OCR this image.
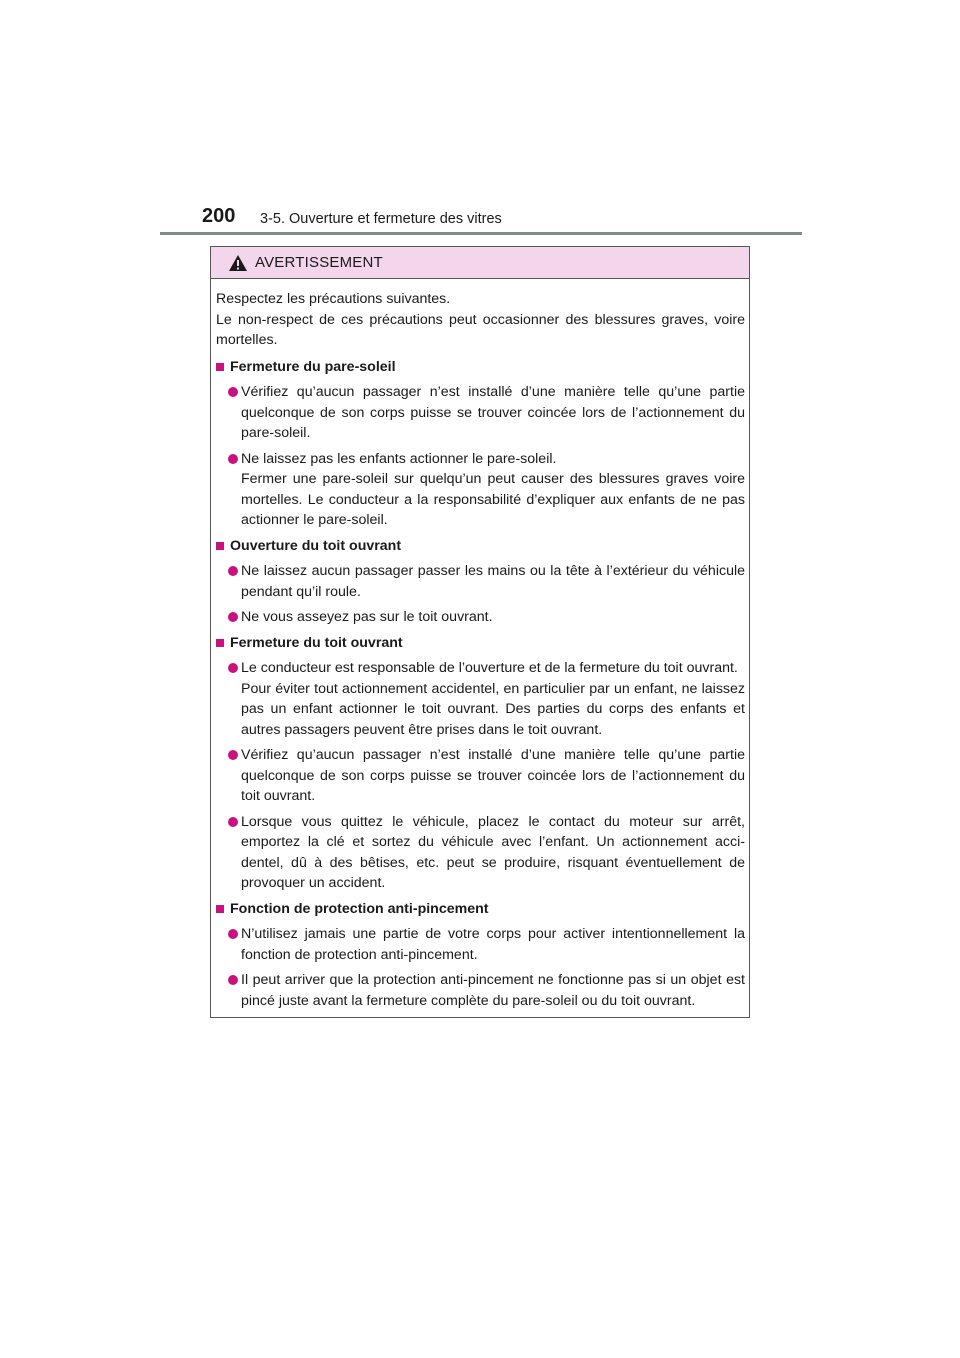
200 3-5. Ouverture et fermeture des vitres
AVERTISSEMENT
Respectez les précautions suivantes.
Le non-respect de ces précautions peut occasionner des blessures graves, voire mortelles.
Fermeture du pare-soleil

Vérifiez qu’aucun passager n’est installé d’une manière telle qu’une partie quelconque de son corps puisse se trouver coincée lors de l’actionnement du pare-soleil.

Ne laissez pas les enfants actionner le pare-soleil.

Fermer une pare-soleil sur quelqu’un peut causer des blessures graves voire mortelles. Le conducteur a la responsabilité d’expliquer aux enfants de ne pas actionner le pare-soleil.

Ouverture du toit ouvrant

Ne laissez aucun passager passer les mains ou la tête à l’extérieur du véhicule pendant qu’il roule.

Ne vous asseyez pas sur le toit ouvrant.

Fermeture du toit ouvrant

Le conducteur est responsable de l’ouverture et de la fermeture du toit ouvrant.

Pour éviter tout actionnement accidentel, en particulier par un enfant, ne laissez pas un enfant actionner le toit ouvrant. Des parties du corps des enfants et autres passagers peuvent être prises dans le toit ouvrant.

Vérifiez qu’aucun passager n’est installé d’une manière telle qu’une partie quelconque de son corps puisse se trouver coincée lors de l’actionnement du toit ouvrant.

Lorsque vous quittez le véhicule, placez le contact du moteur sur arrêt, emportez la clé et sortez du véhicule avec l’enfant. Un actionnement acci-dentel, dû à des bêtises, etc. peut se produire, risquant éventuellement de provoquer un accident.

Fonction de protection anti-pincement

N’utilisez jamais une partie de votre corps pour activer intentionnellement la fonction de protection anti-pincement.

Il peut arriver que la protection anti-pincement ne fonctionne pas si un objet est pincé juste avant la fermeture complète du pare-soleil ou du toit ouvrant.
